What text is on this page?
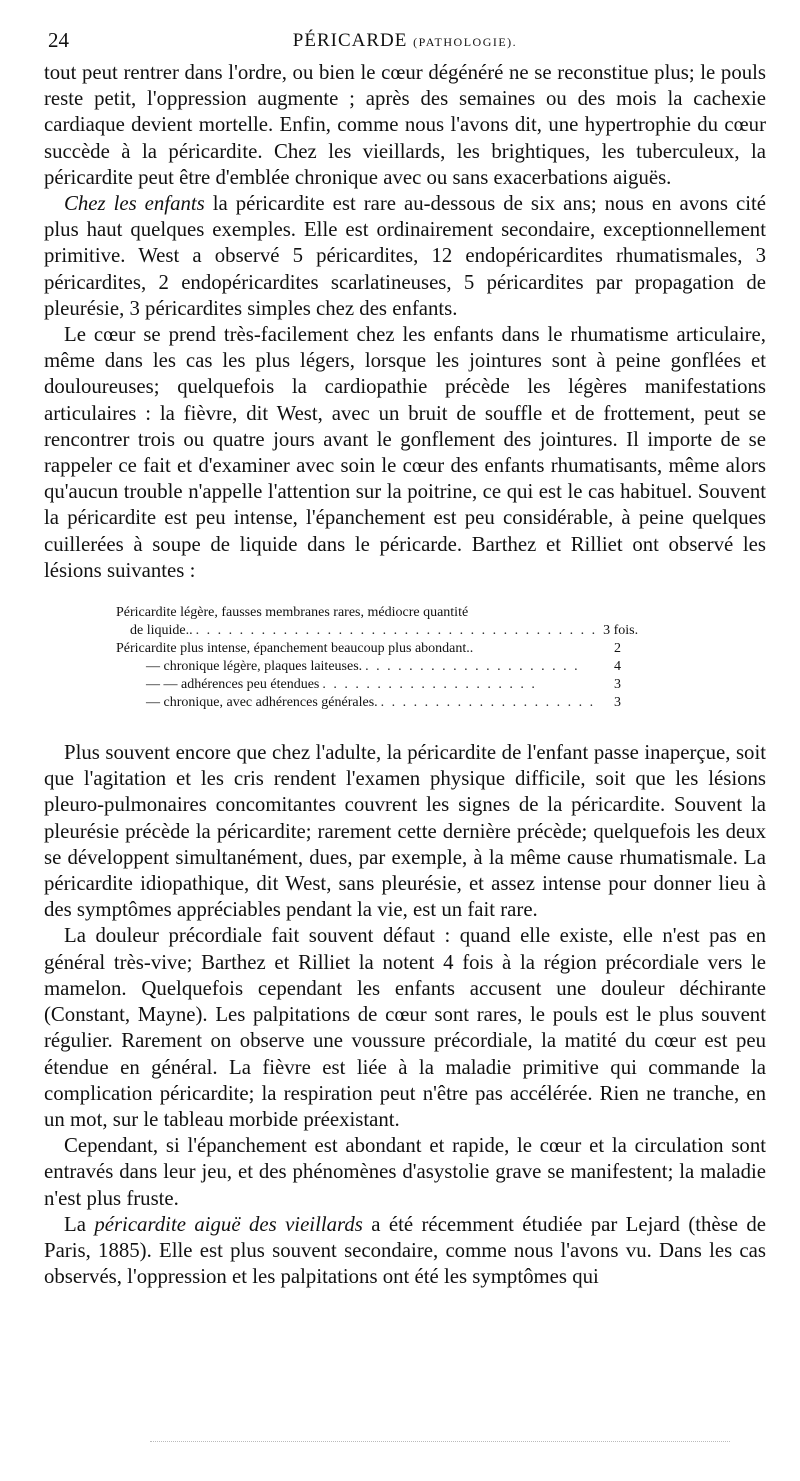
24	PÉRICARDE (PATHOLOGIE).

tout peut rentrer dans l'ordre, ou bien le cœur dégénéré ne se reconstitue plus; le pouls reste petit, l'oppression augmente ; après des semaines ou des mois la cachexie cardiaque devient mortelle. Enfin, comme nous l'avons dit, une hypertrophie du cœur succède à la péricardite. Chez les vieillards, les brightiques, les tuberculeux, la péricardite peut être d'emblée chronique avec ou sans exacerbations aiguës.

Chez les enfants la péricardite est rare au-dessous de six ans; nous en avons cité plus haut quelques exemples. Elle est ordinairement secondaire, exceptionnellement primitive. West a observé 5 péricardites, 12 endopéricardites rhumatismales, 3 péricardites, 2 endopéricardites scarlatineuses, 5 péricardites par propagation de pleurésie, 3 péricardites simples chez des enfants.

Le cœur se prend très-facilement chez les enfants dans le rhumatisme articulaire, même dans les cas les plus légers, lorsque les jointures sont à peine gonflées et douloureuses; quelquefois la cardiopathie précède les légères manifestations articulaires : la fièvre, dit West, avec un bruit de souffle et de frottement, peut se rencontrer trois ou quatre jours avant le gonflement des jointures. Il importe de se rappeler ce fait et d'examiner avec soin le cœur des enfants rhumatisants, même alors qu'aucun trouble n'appelle l'attention sur la poitrine, ce qui est le cas habituel. Souvent la péricardite est peu intense, l'épanchement est peu considérable, à peine quelques cuillerées à soupe de liquide dans le péricarde. Barthez et Rilliet ont observé les lésions suivantes :

Péricardite légère, fausses membranes rares, médiocre quantité
de liquide.. . . . . . . . . . . . . . . . . . . . . . . . . . . . . . . . . . . . . . 3 fois.
Péricardite plus intense, épanchement beaucoup plus abondant..	2
— chronique légère, plaques laiteuses. . . . . . . . . . . . . . . . . . . . .	4
— — adhérences peu étendues . . . . . . . . . . . . . . . . . . . .	3
— chronique, avec adhérences générales. . . . . . . . . . . . . . . . . . . . .	3

Plus souvent encore que chez l'adulte, la péricardite de l'enfant passe inaperçue, soit que l'agitation et les cris rendent l'examen physique difficile, soit que les lésions pleuro-pulmonaires concomitantes couvrent les signes de la péricardite. Souvent la pleurésie précède la péricardite; rarement cette dernière précède; quelquefois les deux se développent simultanément, dues, par exemple, à la même cause rhumatismale. La péricardite idiopathique, dit West, sans pleurésie, et assez intense pour donner lieu à des symptômes appréciables pendant la vie, est un fait rare.

La douleur précordiale fait souvent défaut : quand elle existe, elle n'est pas en général très-vive; Barthez et Rilliet la notent 4 fois à la région précordiale vers le mamelon. Quelquefois cependant les enfants accusent une douleur déchirante (Constant, Mayne). Les palpitations de cœur sont rares, le pouls est le plus souvent régulier. Rarement on observe une voussure précordiale, la matité du cœur est peu étendue en général. La fièvre est liée à la maladie primitive qui commande la complication péricardite; la respiration peut n'être pas accélérée. Rien ne tranche, en un mot, sur le tableau morbide préexistant.

Cependant, si l'épanchement est abondant et rapide, le cœur et la circulation sont entravés dans leur jeu, et des phénomènes d'asystolie grave se manifestent; la maladie n'est plus fruste.

La péricardite aiguë des vieillards a été récemment étudiée par Lejard (thèse de Paris, 1885). Elle est plus souvent secondaire, comme nous l'avons vu. Dans les cas observés, l'oppression et les palpitations ont été les symptômes qui
